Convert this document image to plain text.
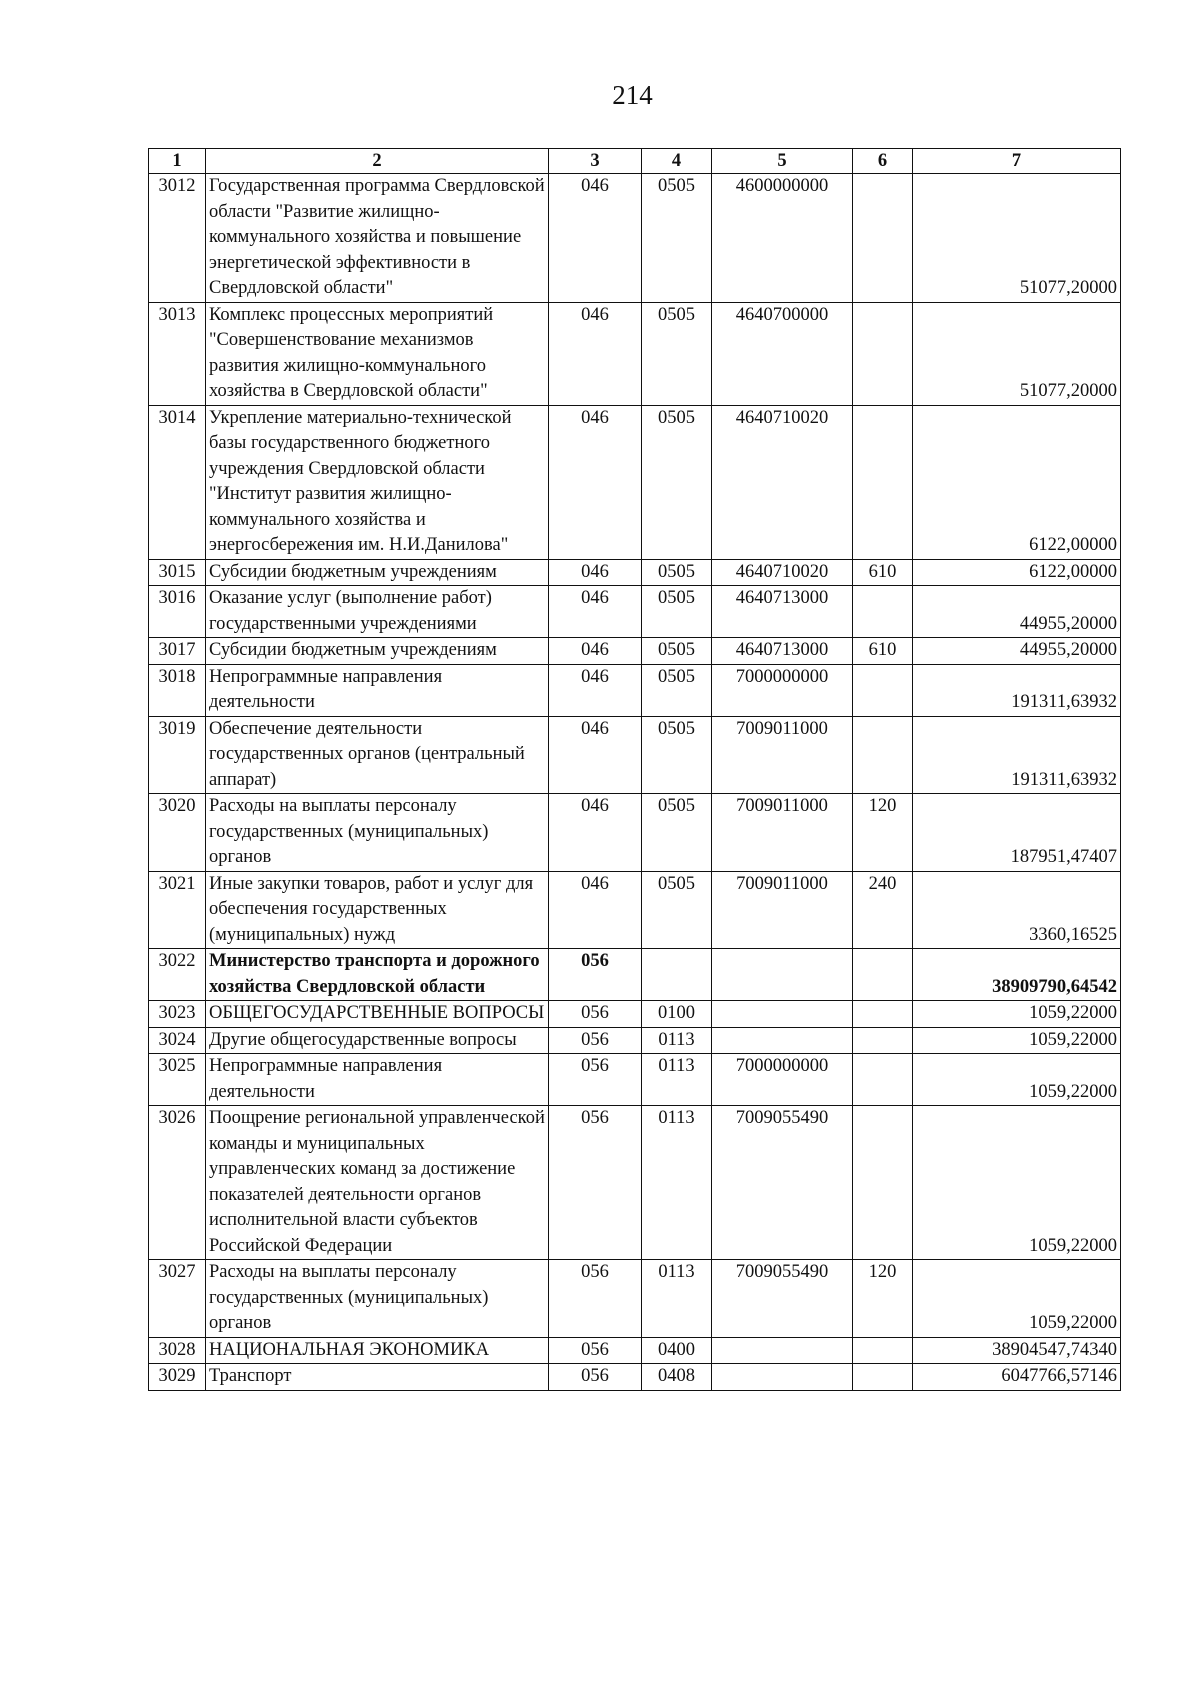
214
1	2	3	4	5	6	7
3012	Государственная программа Свердловской области "Развитие жилищно-коммунального хозяйства и повышение энергетической эффективности в Свердловской области"	046	0505	4600000000		51077,20000
3013	Комплекс процессных мероприятий "Совершенствование механизмов развития жилищно-коммунального хозяйства в Свердловской области"	046	0505	4640700000		51077,20000
3014	Укрепление материально-технической базы государственного бюджетного учреждения Свердловской области "Институт развития жилищно-коммунального хозяйства и энергосбережения им. Н.И.Данилова"	046	0505	4640710020		6122,00000
3015	Субсидии бюджетным учреждениям	046	0505	4640710020	610	6122,00000
3016	Оказание услуг (выполнение работ) государственными учреждениями	046	0505	4640713000		44955,20000
3017	Субсидии бюджетным учреждениям	046	0505	4640713000	610	44955,20000
3018	Непрограммные направления деятельности	046	0505	7000000000		191311,63932
3019	Обеспечение деятельности государственных органов (центральный аппарат)	046	0505	7009011000		191311,63932
3020	Расходы на выплаты персоналу государственных (муниципальных) органов	046	0505	7009011000	120	187951,47407
3021	Иные закупки товаров, работ и услуг для обеспечения государственных (муниципальных) нужд	046	0505	7009011000	240	3360,16525
3022	Министерство транспорта и дорожного хозяйства Свердловской области	056				38909790,64542
3023	ОБЩЕГОСУДАРСТВЕННЫЕ ВОПРОСЫ	056	0100			1059,22000
3024	Другие общегосударственные вопросы	056	0113			1059,22000
3025	Непрограммные направления деятельности	056	0113	7000000000		1059,22000
3026	Поощрение региональной управленческой команды и муниципальных управленческих команд за достижение показателей деятельности органов исполнительной власти субъектов Российской Федерации	056	0113	7009055490		1059,22000
3027	Расходы на выплаты персоналу государственных (муниципальных) органов	056	0113	7009055490	120	1059,22000
3028	НАЦИОНАЛЬНАЯ ЭКОНОМИКА	056	0400			38904547,74340
3029	Транспорт	056	0408			6047766,57146
